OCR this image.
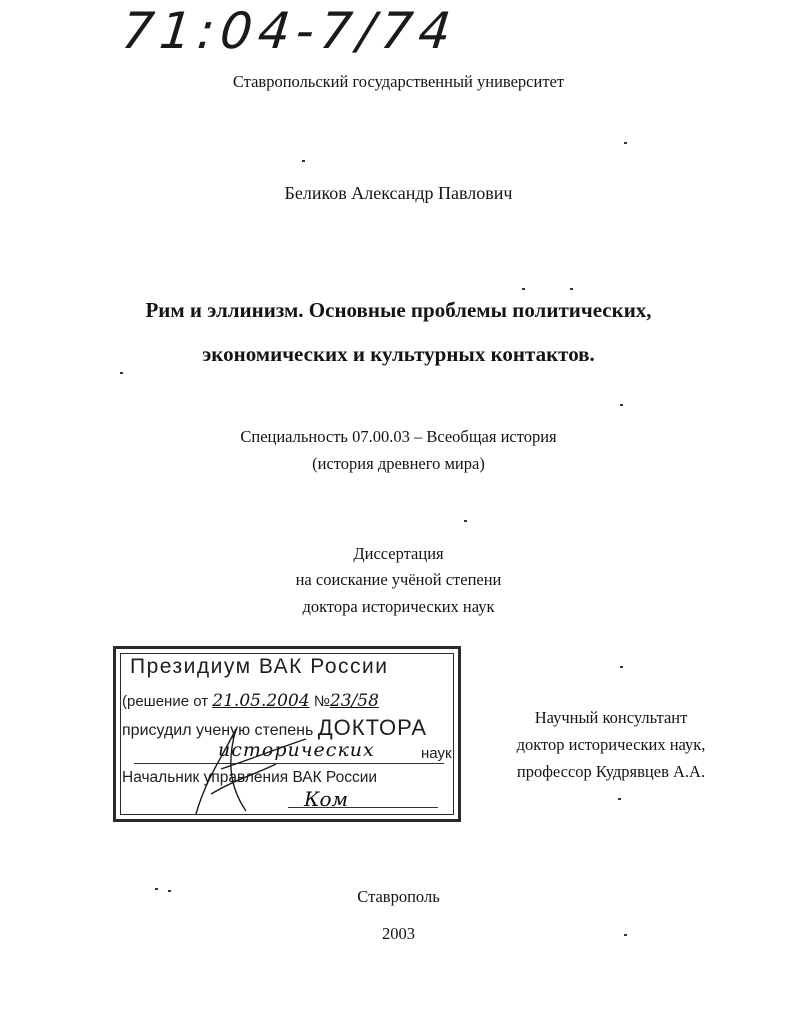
71:04-7/74
Ставропольский государственный университет
Беликов Александр Павлович
Рим и эллинизм. Основные проблемы политических,
экономических и культурных контактов.
Специальность 07.00.03 – Всеобщая история
(история древнего мира)
Диссертация
на соискание учёной степени
доктора исторических наук
Президиум ВАК России
(решение от 21.05.2004 №23/58
присудил ученую степень ДОКТОРА
исторических	наук
Начальник управления ВАК России
Ком
Научный консультант
доктор исторических наук,
профессор Кудрявцев А.А.
Ставрополь
2003
